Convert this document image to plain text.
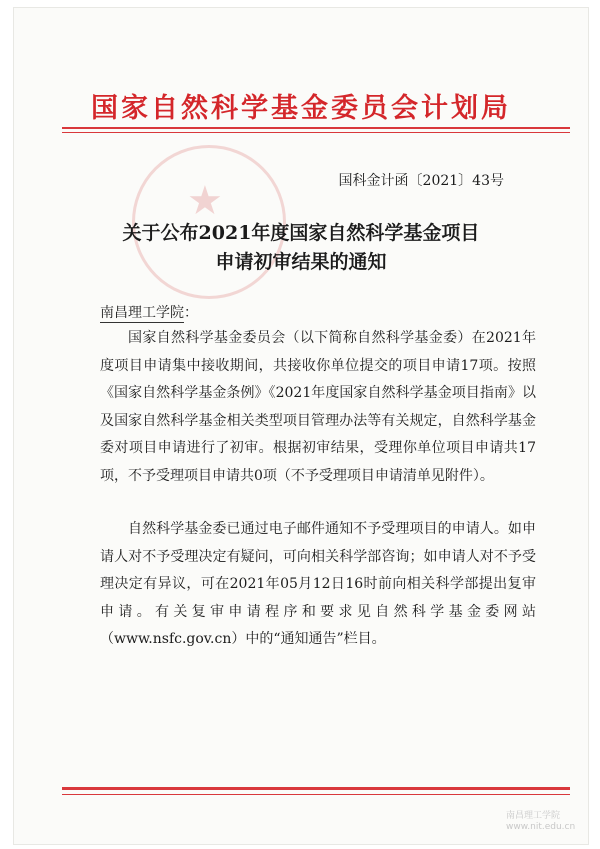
国家自然科学基金委员会计划局
★	国科金计函〔2021〕43号
关于公布2021年度国家自然科学基金项目
申请初审结果的通知
南昌理工学院：

国家自然科学基金委员会（以下简称自然科学基金委）在2021年度项目申请集中接收期间，共接收你单位提交的项目申请17项。按照《国家自然科学基金条例》《2021年度国家自然科学基金项目指南》以及国家自然科学基金相关类型项目管理办法等有关规定，自然科学基金委对项目申请进行了初审。根据初审结果，受理你单位项目申请共17项，不予受理项目申请共0项（不予受理项目申请清单见附件）。

自然科学基金委已通过电子邮件通知不予受理项目的申请人。如申请人对不予受理决定有疑问，可向相关科学部咨询；如申请人对不予受理决定有异议，可在2021年05月12日16时前向相关科学部提出复审申请。有关复审申请程序和要求见自然科学基金委网站（www.nsfc.gov.cn）中的“通知通告”栏目。

南昌理工学院
www.nit.edu.cn
